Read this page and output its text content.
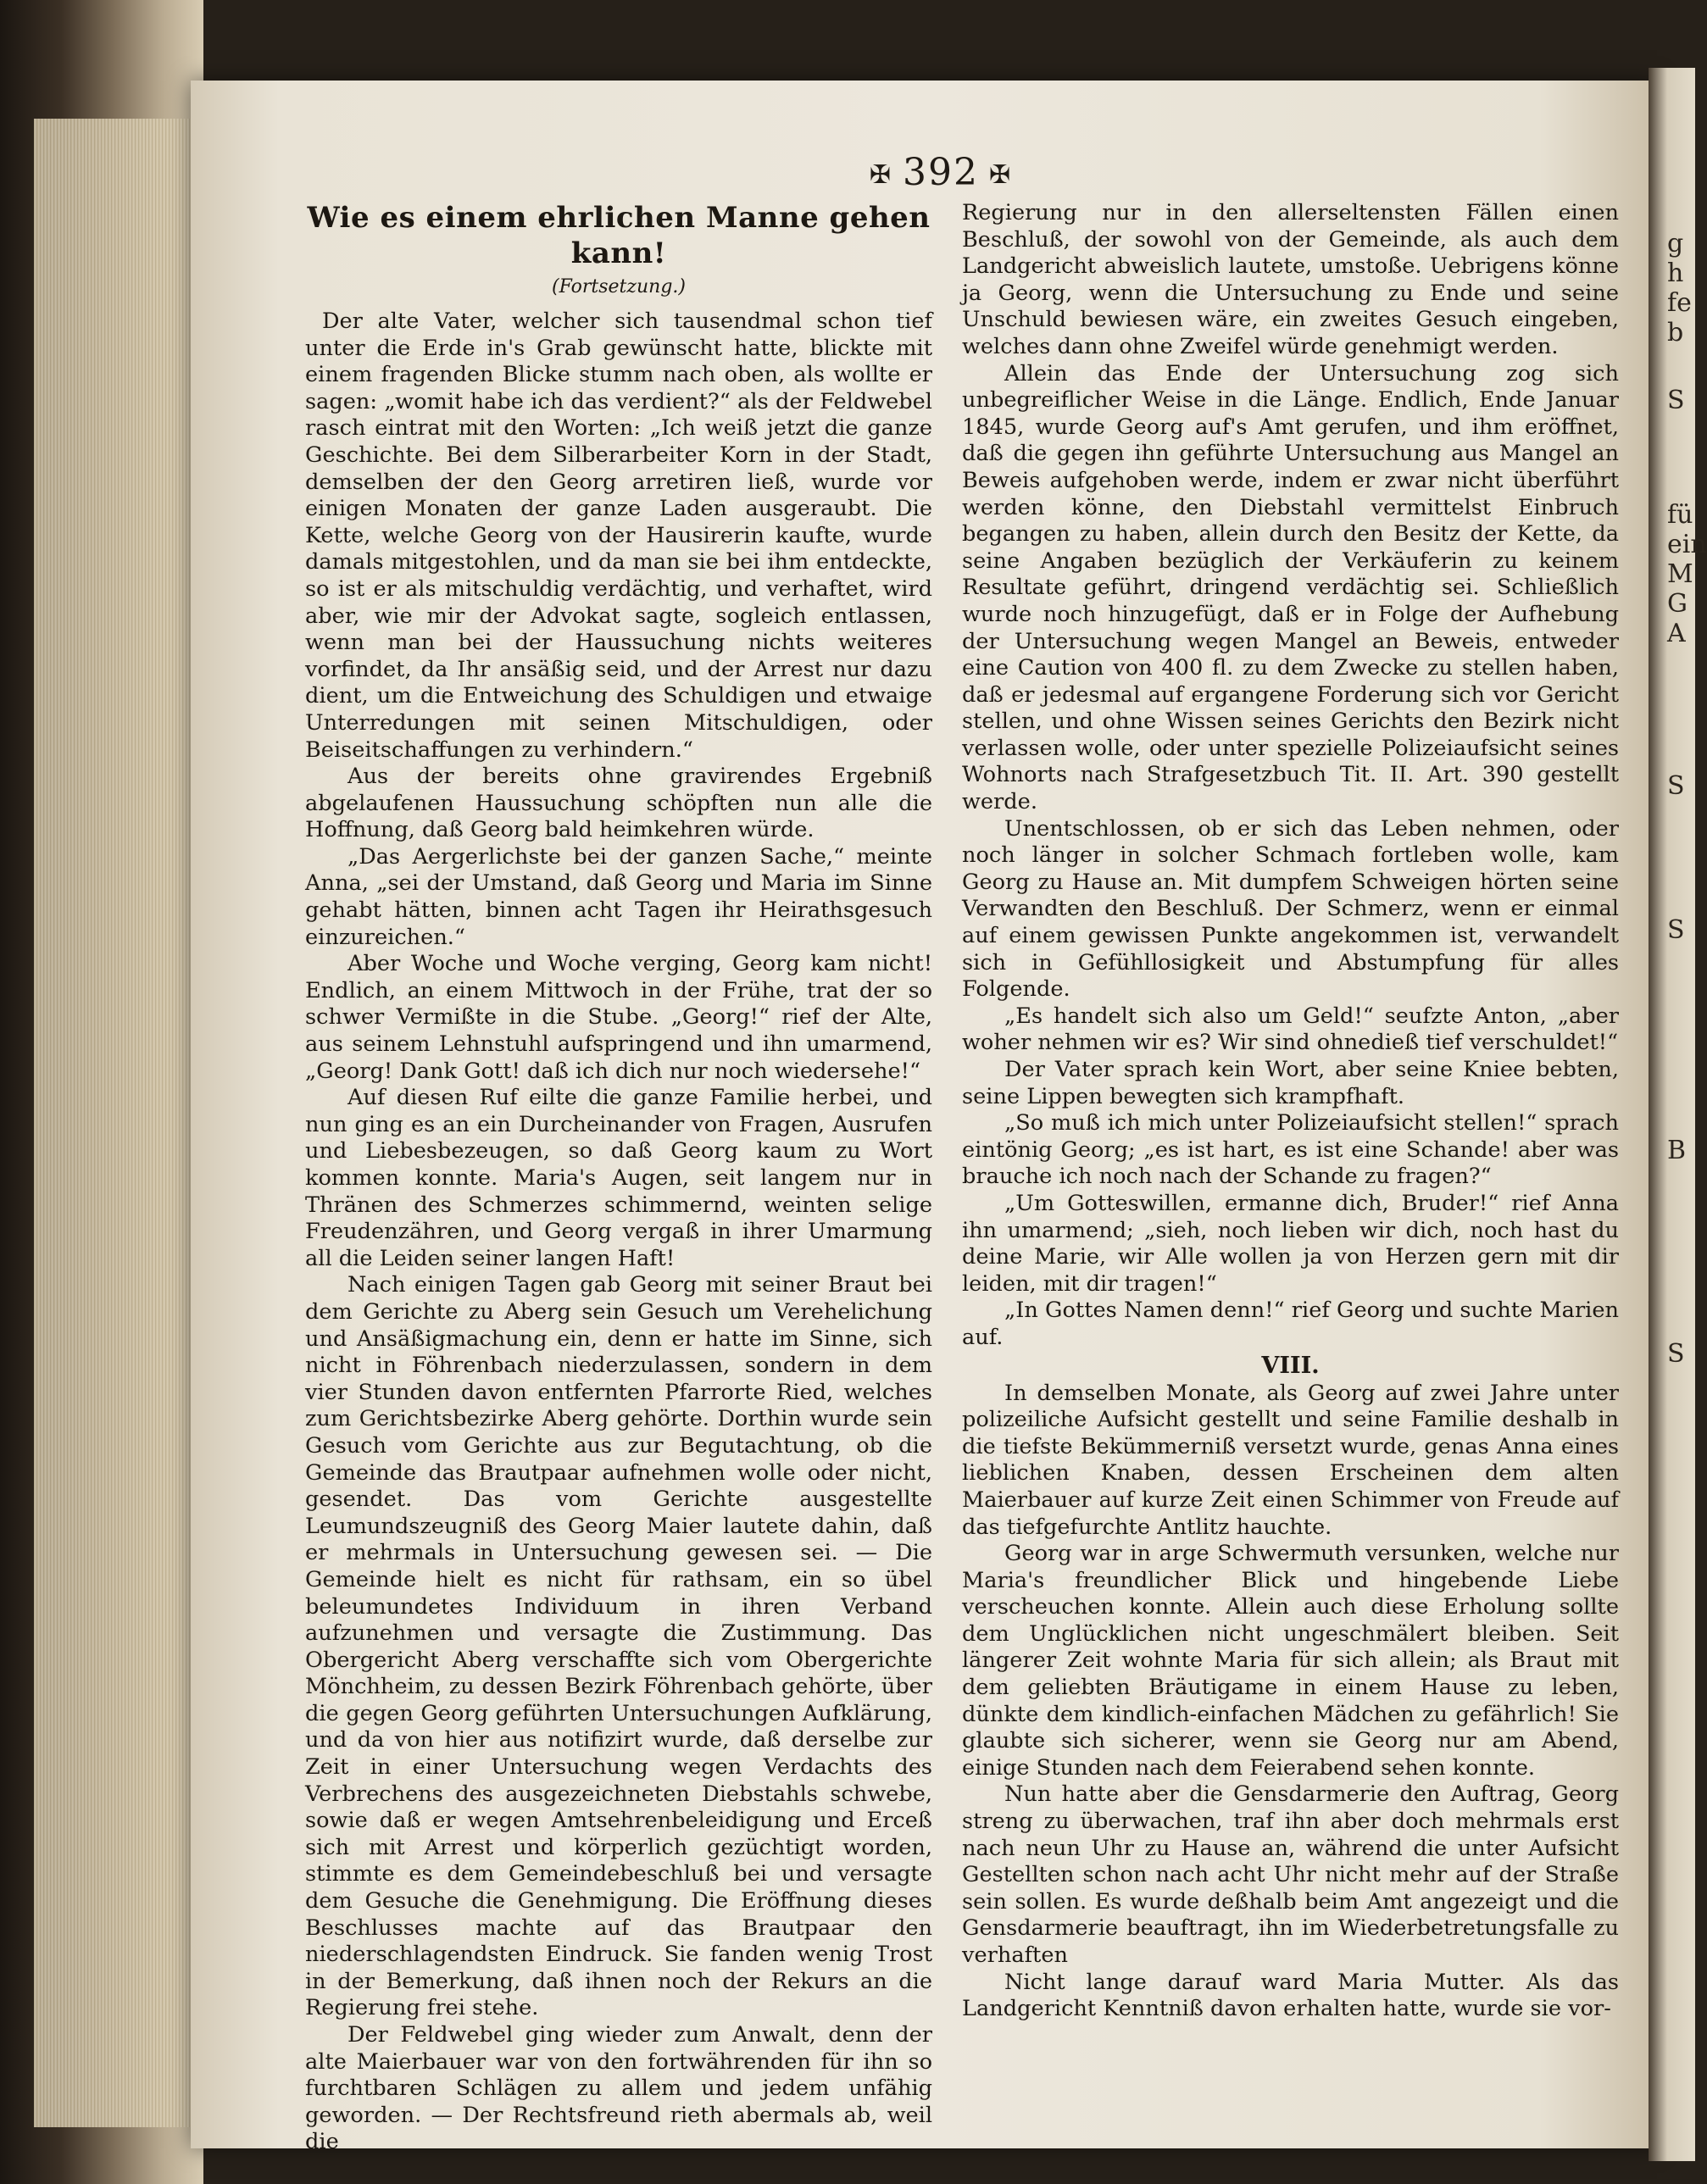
g
h
fe
b
S
fü
ein
M
G
A
S
S
B
S
✠ 392 ✠
Wie es einem ehrlichen Manne gehen kann!
(Fortsetzung.)

Der alte Vater, welcher sich tausendmal schon tief unter die Erde in's Grab gewünscht hatte, blickte mit einem fragenden Blicke stumm nach oben, als wollte er sagen: „womit habe ich das verdient?“ als der Feldwebel rasch eintrat mit den Worten: „Ich weiß jetzt die ganze Geschichte. Bei dem Silberarbeiter Korn in der Stadt, demselben der den Georg arretiren ließ, wurde vor einigen Monaten der ganze Laden ausgeraubt. Die Kette, welche Georg von der Hausirerin kaufte, wurde damals mitgestohlen, und da man sie bei ihm entdeckte, so ist er als mitschuldig verdächtig, und verhaftet, wird aber, wie mir der Advokat sagte, sogleich entlassen, wenn man bei der Haussuchung nichts weiteres vorfindet, da Ihr ansäßig seid, und der Arrest nur dazu dient, um die Entweichung des Schuldigen und etwaige Unterredungen mit seinen Mitschuldigen, oder Beiseitschaffungen zu verhindern.“

Aus der bereits ohne gravirendes Ergebniß abgelaufenen Haussuchung schöpften nun alle die Hoffnung, daß Georg bald heimkehren würde.

„Das Aergerlichste bei der ganzen Sache,“ meinte Anna, „sei der Umstand, daß Georg und Maria im Sinne gehabt hätten, binnen acht Tagen ihr Heirathsgesuch einzureichen.“

Aber Woche und Woche verging, Georg kam nicht! Endlich, an einem Mittwoch in der Frühe, trat der so schwer Vermißte in die Stube. „Georg!“ rief der Alte, aus seinem Lehnstuhl aufspringend und ihn umarmend, „Georg! Dank Gott! daß ich dich nur noch wiedersehe!“

Auf diesen Ruf eilte die ganze Familie herbei, und nun ging es an ein Durcheinander von Fragen, Ausrufen und Liebesbezeugen, so daß Georg kaum zu Wort kommen konnte. Maria's Augen, seit langem nur in Thränen des Schmerzes schimmernd, weinten selige Freudenzähren, und Georg vergaß in ihrer Umarmung all die Leiden seiner langen Haft!

Nach einigen Tagen gab Georg mit seiner Braut bei dem Gerichte zu Aberg sein Gesuch um Verehelichung und Ansäßigmachung ein, denn er hatte im Sinne, sich nicht in Föhrenbach niederzulassen, sondern in dem vier Stunden davon entfernten Pfarrorte Ried, welches zum Gerichtsbezirke Aberg gehörte. Dorthin wurde sein Gesuch vom Gerichte aus zur Begutachtung, ob die Gemeinde das Brautpaar aufnehmen wolle oder nicht, gesendet. Das vom Gerichte ausgestellte Leumundszeugniß des Georg Maier lautete dahin, daß er mehrmals in Untersuchung gewesen sei. — Die Gemeinde hielt es nicht für rathsam, ein so übel beleumundetes Individuum in ihren Verband aufzunehmen und versagte die Zustimmung. Das Obergericht Aberg verschaffte sich vom Obergerichte Mönchheim, zu dessen Bezirk Föhrenbach gehörte, über die gegen Georg geführten Untersuchungen Aufklärung, und da von hier aus notifizirt wurde, daß derselbe zur Zeit in einer Untersuchung wegen Verdachts des Verbrechens des ausgezeichneten Diebstahls schwebe, sowie daß er wegen Amtsehrenbeleidigung und Erceß sich mit Arrest und körperlich gezüchtigt worden, stimmte es dem Gemeindebeschluß bei und versagte dem Gesuche die Genehmigung. Die Eröffnung dieses Beschlusses machte auf das Brautpaar den niederschlagendsten Eindruck. Sie fanden wenig Trost in der Bemerkung, daß ihnen noch der Rekurs an die Regierung frei stehe.

Der Feldwebel ging wieder zum Anwalt, denn der alte Maierbauer war von den fortwährenden für ihn so furchtbaren Schlägen zu allem und jedem unfähig geworden. — Der Rechtsfreund rieth abermals ab, weil die

Regierung nur in den allerseltensten Fällen einen Beschluß, der sowohl von der Gemeinde, als auch dem Landgericht abweislich lautete, umstoße. Uebrigens könne ja Georg, wenn die Untersuchung zu Ende und seine Unschuld bewiesen wäre, ein zweites Gesuch eingeben, welches dann ohne Zweifel würde genehmigt werden.

Allein das Ende der Untersuchung zog sich unbegreiflicher Weise in die Länge. Endlich, Ende Januar 1845, wurde Georg auf's Amt gerufen, und ihm eröffnet, daß die gegen ihn geführte Untersuchung aus Mangel an Beweis aufgehoben werde, indem er zwar nicht überführt werden könne, den Diebstahl vermittelst Einbruch begangen zu haben, allein durch den Besitz der Kette, da seine Angaben bezüglich der Verkäuferin zu keinem Resultate geführt, dringend verdächtig sei. Schließlich wurde noch hinzugefügt, daß er in Folge der Aufhebung der Untersuchung wegen Mangel an Beweis, entweder eine Caution von 400 fl. zu dem Zwecke zu stellen haben, daß er jedesmal auf ergangene Forderung sich vor Gericht stellen, und ohne Wissen seines Gerichts den Bezirk nicht verlassen wolle, oder unter spezielle Polizeiaufsicht seines Wohnorts nach Strafgesetzbuch Tit. II. Art. 390 gestellt werde.

Unentschlossen, ob er sich das Leben nehmen, oder noch länger in solcher Schmach fortleben wolle, kam Georg zu Hause an. Mit dumpfem Schweigen hörten seine Verwandten den Beschluß. Der Schmerz, wenn er einmal auf einem gewissen Punkte angekommen ist, verwandelt sich in Gefühllosigkeit und Abstumpfung für alles Folgende.

„Es handelt sich also um Geld!“ seufzte Anton, „aber woher nehmen wir es? Wir sind ohnedieß tief verschuldet!“

Der Vater sprach kein Wort, aber seine Kniee bebten, seine Lippen bewegten sich krampfhaft.

„So muß ich mich unter Polizeiaufsicht stellen!“ sprach eintönig Georg; „es ist hart, es ist eine Schande! aber was brauche ich noch nach der Schande zu fragen?“

„Um Gotteswillen, ermanne dich, Bruder!“ rief Anna ihn umarmend; „sieh, noch lieben wir dich, noch hast du deine Marie, wir Alle wollen ja von Herzen gern mit dir leiden, mit dir tragen!“

„In Gottes Namen denn!“ rief Georg und suchte Marien auf.

VIII.

In demselben Monate, als Georg auf zwei Jahre unter polizeiliche Aufsicht gestellt und seine Familie deshalb in die tiefste Bekümmerniß versetzt wurde, genas Anna eines lieblichen Knaben, dessen Erscheinen dem alten Maierbauer auf kurze Zeit einen Schimmer von Freude auf das tiefgefurchte Antlitz hauchte.

Georg war in arge Schwermuth versunken, welche nur Maria's freundlicher Blick und hingebende Liebe verscheuchen konnte. Allein auch diese Erholung sollte dem Unglücklichen nicht ungeschmälert bleiben. Seit längerer Zeit wohnte Maria für sich allein; als Braut mit dem geliebten Bräutigame in einem Hause zu leben, dünkte dem kindlich-einfachen Mädchen zu gefährlich! Sie glaubte sich sicherer, wenn sie Georg nur am Abend, einige Stunden nach dem Feierabend sehen konnte.

Nun hatte aber die Gensdarmerie den Auftrag, Georg streng zu überwachen, traf ihn aber doch mehrmals erst nach neun Uhr zu Hause an, während die unter Aufsicht Gestellten schon nach acht Uhr nicht mehr auf der Straße sein sollen. Es wurde deßhalb beim Amt angezeigt und die Gensdarmerie beauftragt, ihn im Wiederbetretungsfalle zu verhaften

Nicht lange darauf ward Maria Mutter. Als das Landgericht Kenntniß davon erhalten hatte, wurde sie vor-
